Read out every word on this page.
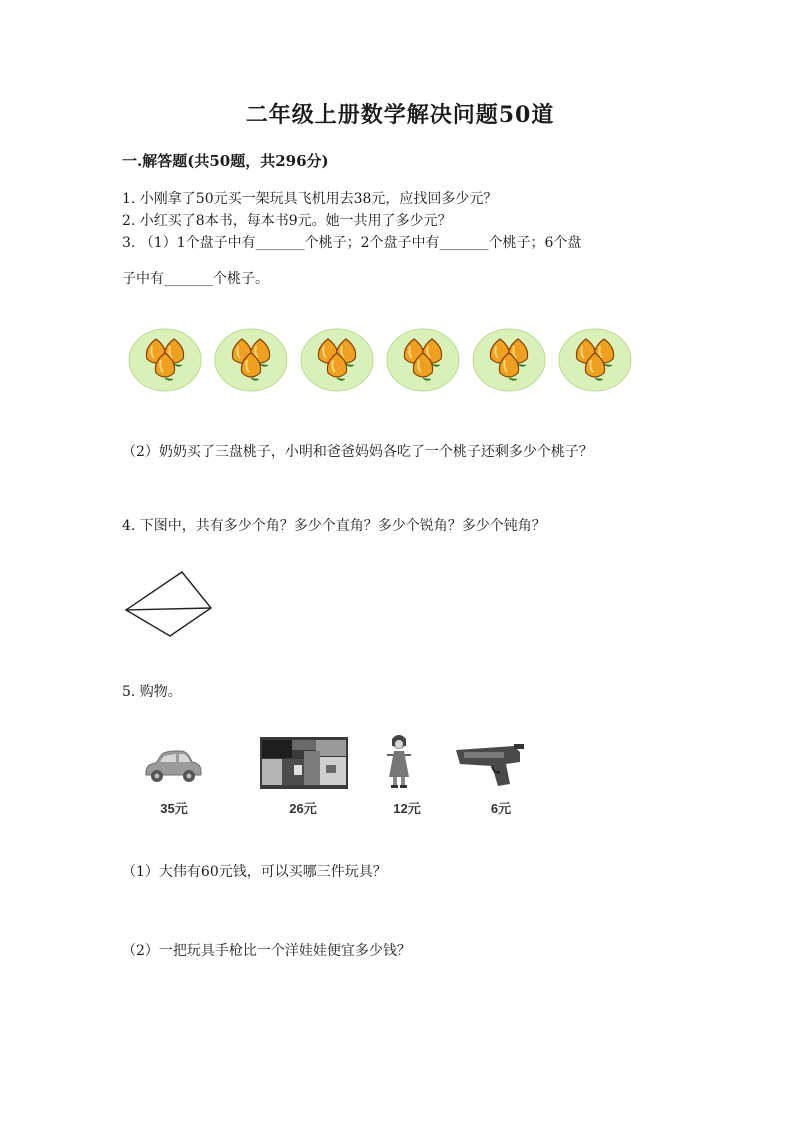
二年级上册数学解决问题50道
一.解答题(共50题，共296分)
1. 小刚拿了50元买一架玩具飞机用去38元，应找回多少元？
2. 小红买了8本书，每本书9元。她一共用了多少元？
3. （1）1个盘子中有_______个桃子；2个盘子中有_______个桃子；6个盘
子中有_______个桃子。
（2）奶奶买了三盘桃子，小明和爸爸妈妈各吃了一个桃子还剩多少个桃子？
4. 下图中，共有多少个角？多少个直角？多少个锐角？多少个钝角？
5. 购物。
35元	26元	12元	6元
（1）大伟有60元钱，可以买哪三件玩具？
（2）一把玩具手枪比一个洋娃娃便宜多少钱？
